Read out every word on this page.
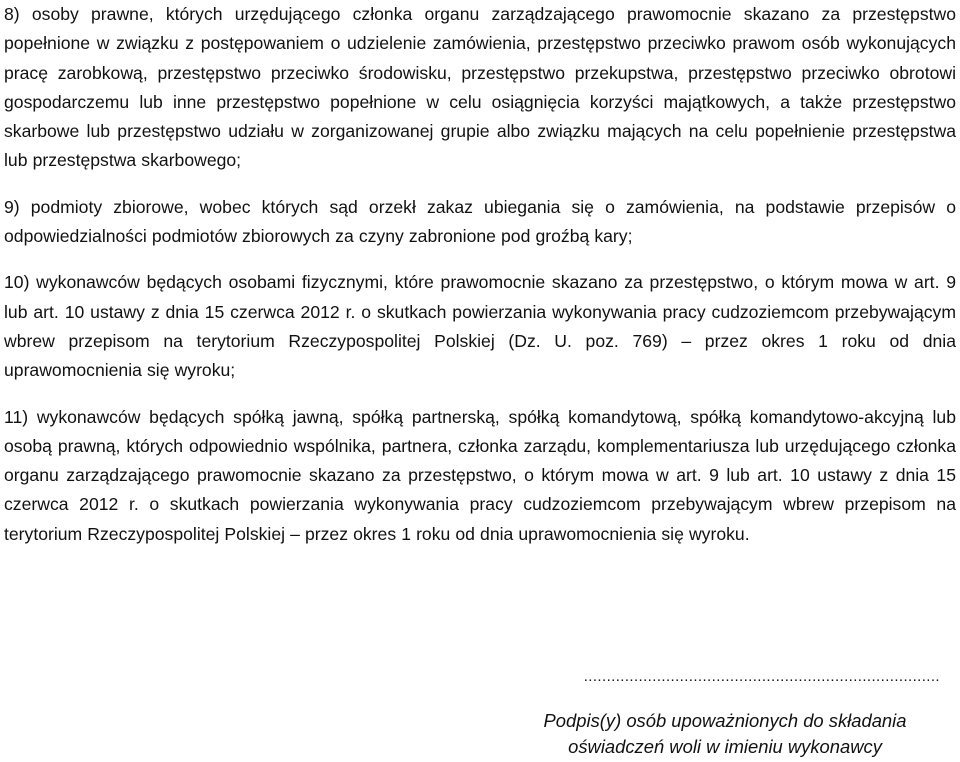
8) osoby prawne, których urzędującego członka organu zarządzającego prawomocnie skazano za przestępstwo popełnione w związku z postępowaniem o udzielenie zamówienia, przestępstwo przeciwko prawom osób wykonujących pracę zarobkową, przestępstwo przeciwko środowisku, przestępstwo przekupstwa, przestępstwo przeciwko obrotowi gospodarczemu lub inne przestępstwo popełnione w celu osiągnięcia korzyści majątkowych, a także przestępstwo skarbowe lub przestępstwo udziału w zorganizowanej grupie albo związku mających na celu popełnienie przestępstwa lub przestępstwa skarbowego;

9) podmioty zbiorowe, wobec których sąd orzekł zakaz ubiegania się o zamówienia, na podstawie przepisów o odpowiedzialności podmiotów zbiorowych za czyny zabronione pod groźbą kary;

10) wykonawców będących osobami fizycznymi, które prawomocnie skazano za przestępstwo, o którym mowa w art. 9 lub art. 10 ustawy z dnia 15 czerwca 2012 r. o skutkach powierzania wykonywania pracy cudzoziemcom przebywającym wbrew przepisom na terytorium Rzeczypospolitej Polskiej (Dz. U. poz. 769) – przez okres 1 roku od dnia uprawomocnienia się wyroku;

11) wykonawców będących spółką jawną, spółką partnerską, spółką komandytową, spółką komandytowo-akcyjną lub osobą prawną, których odpowiednio wspólnika, partnera, członka zarządu, komplementariusza lub urzędującego członka organu zarządzającego prawomocnie skazano za przestępstwo, o którym mowa w art. 9 lub art. 10 ustawy z dnia 15 czerwca 2012 r. o skutkach powierzania wykonywania pracy cudzoziemcom przebywającym wbrew przepisom na terytorium Rzeczypospolitej Polskiej – przez okres 1 roku od dnia uprawomocnienia się wyroku.

..............................................................................
Podpis(y) osób upoważnionych do składania
oświadczeń woli w imieniu wykonawcy
